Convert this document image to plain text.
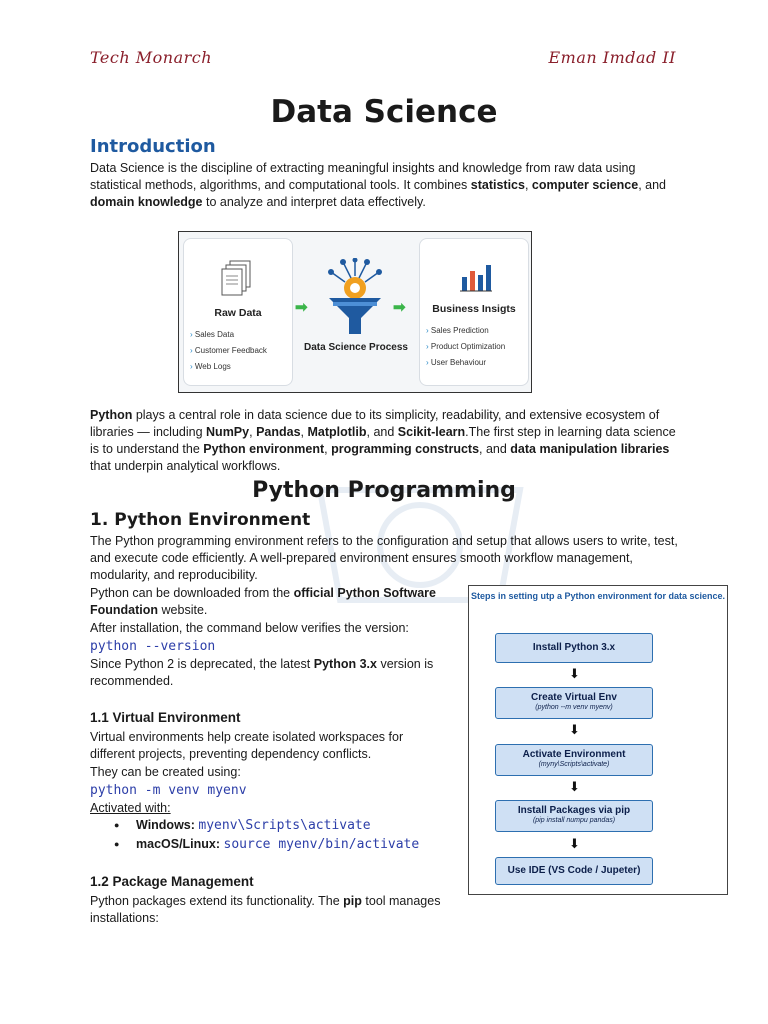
Tech Monarch	Eman Imdad II
Data Science
Introduction
Data Science is the discipline of extracting meaningful insights and knowledge from raw data using statistical methods, algorithms, and computational tools. It combines statistics, computer science, and domain knowledge to analyze and interpret data effectively.
Raw Data
› Sales Data
› Customer Feedback
› Web Logs
➡
Data Science Process
➡	Business Insigts
› Sales Prediction
› Product Optimization
› User Behaviour
Python plays a central role in data science due to its simplicity, readability, and extensive ecosystem of libraries — including NumPy, Pandas, Matplotlib, and Scikit-learn.The first step in learning data science is to understand the Python environment, programming constructs, and data manipulation libraries that underpin analytical workflows.
Python Programming
1. Python Environment
The Python programming environment refers to the configuration and setup that allows users to write, test, and execute code efficiently. A well-prepared environment ensures smooth workflow management, modularity, and reproducibility.
Python can be downloaded from the official Python Software Foundation website.
After installation, the command below verifies the version:
python --version
Since Python 2 is deprecated, the latest Python 3.x version is recommended.
1.1 Virtual Environment
Virtual environments help create isolated workspaces for different projects, preventing dependency conflicts.
They can be created using:
python -m venv myenv
Activated with:
● Windows: myenv\Scripts\activate
● macOS/Linux: source myenv/bin/activate
1.2 Package Management
Python packages extend its functionality. The pip tool manages installations:
Steps in setting utp a Python environment for data science.
Install Python 3.x
⬇
Create Virtual Env
(python --m venv myenv)
⬇
Activate Environment
(myny\Scripts\activate)
⬇
Install Packages via pip
(pip install numpu pandas)
⬇
Use IDE (VS Code / Jupeter)
